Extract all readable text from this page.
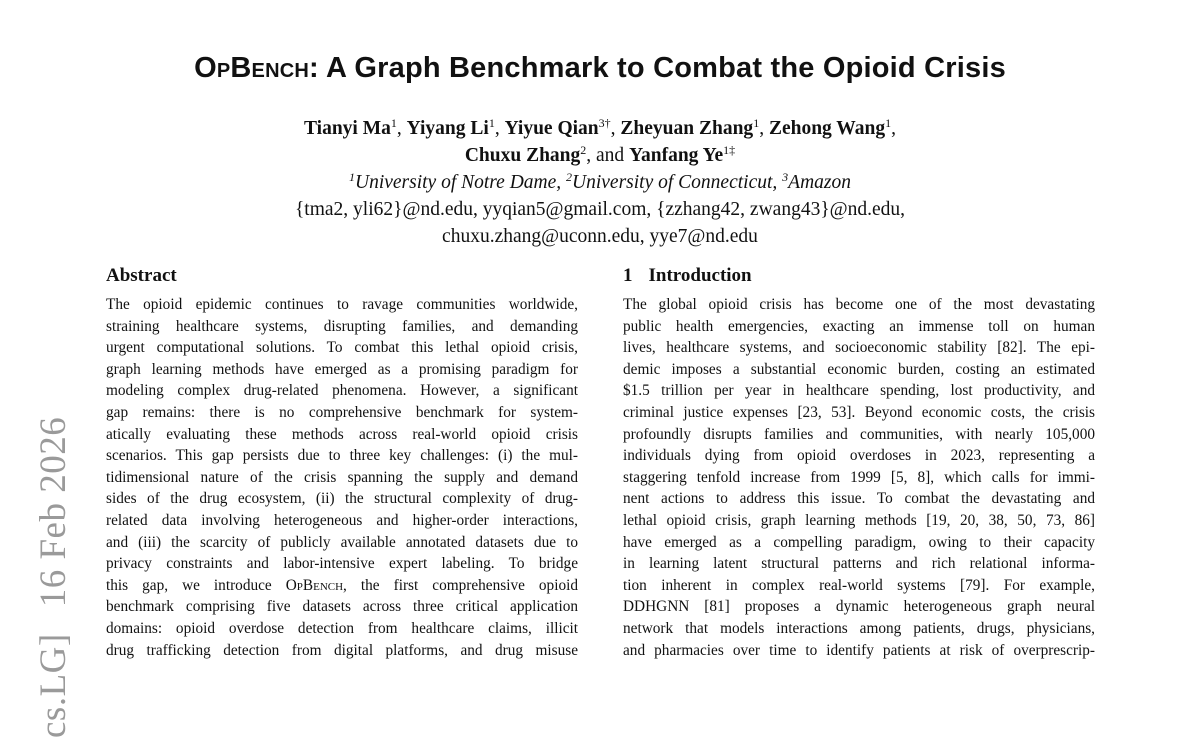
cs.LG]16 Feb 2026
OpBench: A Graph Benchmark to Combat the Opioid Crisis
Tianyi Ma$^1$, Yiyang Li$^1$, Yiyue Qian$^{3\dagger}$, Zheyuan Zhang$^1$, Zehong Wang$^1$,
Chuxu Zhang$^2$, and Yanfang $Ye^{1\ddagger}$
$^1$University of Notre Dame, $^2$University of Connecticut, $^3$Amazon
{tma2, yli62}@nd.edu, yyqian5@gmail.com, {zzhang42, zwang43}@nd.edu,
chuxu.zhang@uconn.edu, yye7@nd.edu
Abstract	1 Introduction
The opioid epidemic continues to ravage communities worldwide,
straining healthcare systems, disrupting families, and demanding
urgent computational solutions. To combat this lethal opioid crisis,
graph learning methods have emerged as a promising paradigm for
modeling complex drug-related phenomena. However, a significant
gap remains: there is no comprehensive benchmark for system-
atically evaluating these methods across real-world opioid crisis
scenarios. This gap persists due to three key challenges: (i) the mul-
tidimensional nature of the crisis spanning the supply and demand
sides of the drug ecosystem, (ii) the structural complexity of drug-
related data involving heterogeneous and higher-order interactions,
and (iii) the scarcity of publicly available annotated datasets due to
privacy constraints and labor-intensive expert labeling. To bridge
this gap, we introduce OpBench, the first comprehensive opioid
benchmark comprising five datasets across three critical application
domains: opioid overdose detection from healthcare claims, illicit
drug trafficking detection from digital platforms, and drug misuse
The global opioid crisis has become one of the most devastating
public health emergencies, exacting an immense toll on human
lives, healthcare systems, and socioeconomic stability [82]. The epi-
demic imposes a substantial economic burden, costing an estimated
$1.5 trillion per year in healthcare spending, lost productivity, and
criminal justice expenses [23, 53]. Beyond economic costs, the crisis
profoundly disrupts families and communities, with nearly 105,000
individuals dying from opioid overdoses in 2023, representing a
staggering tenfold increase from 1999 [5, 8], which calls for immi-
nent actions to address this issue. To combat the devastating and
lethal opioid crisis, graph learning methods [19, 20, 38, 50, 73, 86]
have emerged as a compelling paradigm, owing to their capacity
in learning latent structural patterns and rich relational informa-
tion inherent in complex real-world systems [79]. For example,
DDHGNN [81] proposes a dynamic heterogeneous graph neural
network that models interactions among patients, drugs, physicians,
and pharmacies over time to identify patients at risk of overprescrip-
